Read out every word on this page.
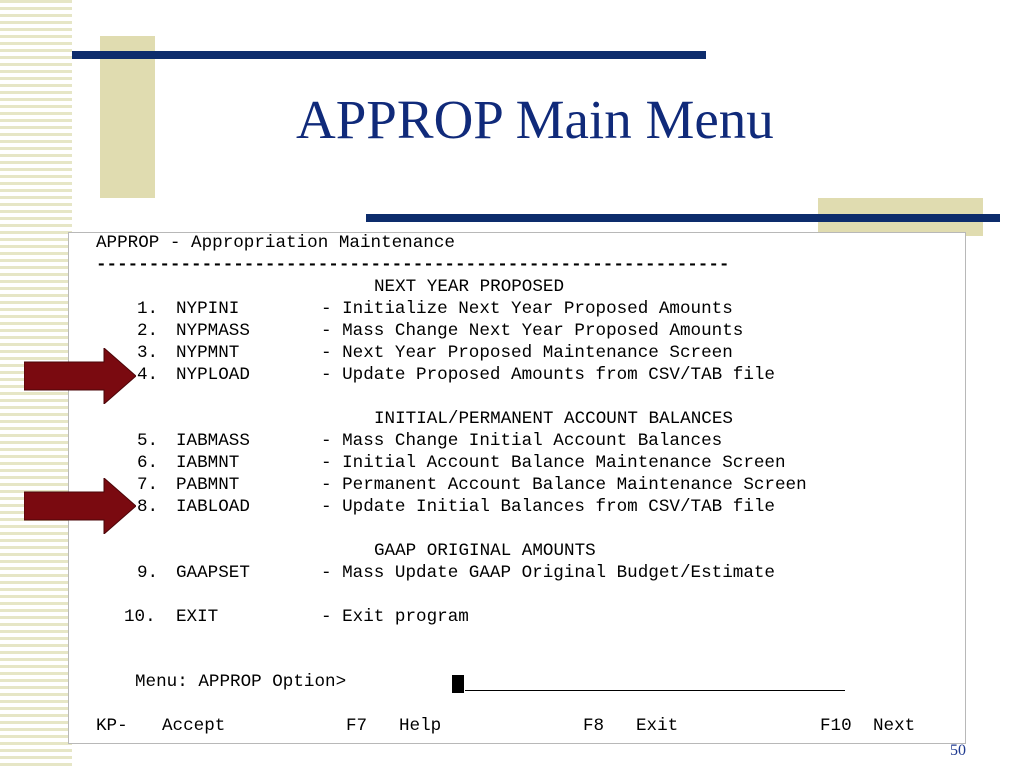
APPROP Main Menu
APPROP - Appropriation Maintenance
------------------------------------------------------------
NEXT YEAR PROPOSED
1. NYPINI	- Initialize Next Year Proposed Amounts
2. NYPMASS	- Mass Change Next Year Proposed Amounts
3. NYPMNT	- Next Year Proposed Maintenance Screen
4. NYPLOAD	- Update Proposed Amounts from CSV/TAB file
INITIAL/PERMANENT ACCOUNT BALANCES
5. IABMASS	- Mass Change Initial Account Balances
6. IABMNT	- Initial Account Balance Maintenance Screen
7. PABMNT	- Permanent Account Balance Maintenance Screen
8. IABLOAD	- Update Initial Balances from CSV/TAB file
GAAP ORIGINAL AMOUNTS
9. GAAPSET	- Mass Update GAAP Original Budget/Estimate
10. EXIT	- Exit program
Menu: APPROP Option>
KP- Accept	F7 Help	F8 Exit	F10 Next
50
